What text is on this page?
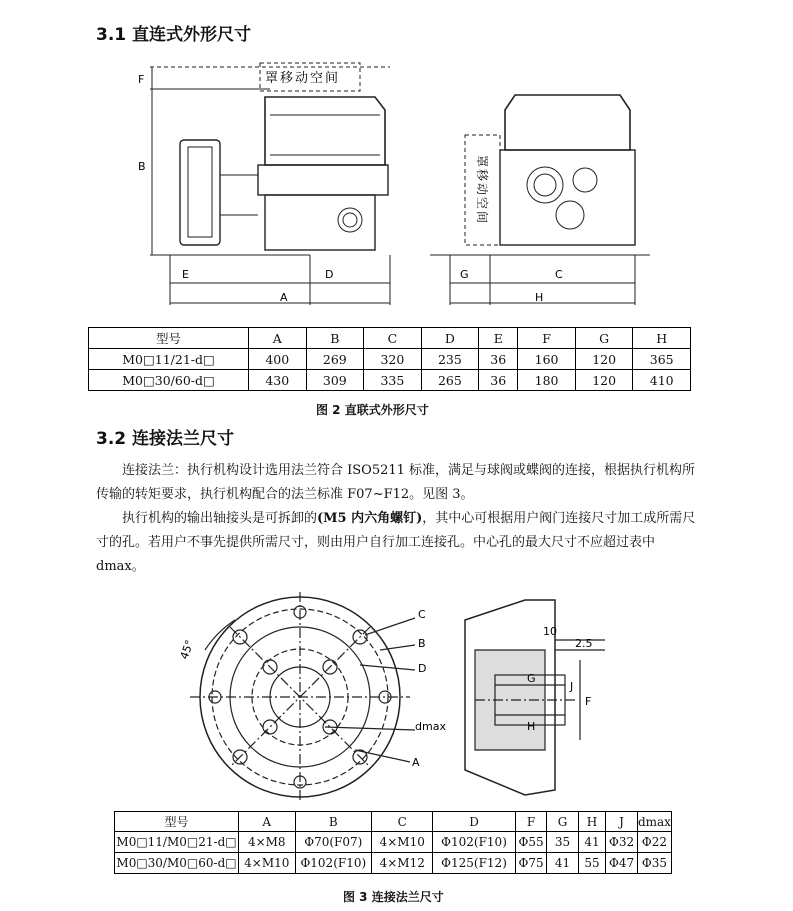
3.1 直连式外形尺寸
F
B
E	D
A
G	C
H
罩移动空间
罩移动空间
型号	A	B	C	D	E	F	G	H
M0□11/21-d□	400	269	320	235	36	160	120	365
M0□30/60-d□	430	309	335	265	36	180	120	410
图 2 直联式外形尺寸
3.2 连接法兰尺寸

连接法兰：执行机构设计选用法兰符合 ISO5211 标准，满足与球阀或蝶阀的连接，根据执行机构所传输的转矩要求，执行机构配合的法兰标准 F07~F12。见图 3。

执行机构的输出轴接头是可拆卸的(M5 内六角螺钉)，其中心可根据用户阀门连接尺寸加工成所需尺寸的孔。若用户不事先提供所需尺寸，则由用户自行加工连接孔。中心孔的最大尺寸不应超过表中 dmax。

45°
C
B
D
dmax
A
10
2.5
G
H
J
F
型号	A	B	C	D	F	G	H	J	dmax
M0□11/M0□21-d□	4×M8	Φ70(F07)	4×M10	Φ102(F10)	Φ55	35	41	Φ32	Φ22
M0□30/M0□60-d□	4×M10	Φ102(F10)	4×M12	Φ125(F12)	Φ75	41	55	Φ47	Φ35
图 3 连接法兰尺寸
